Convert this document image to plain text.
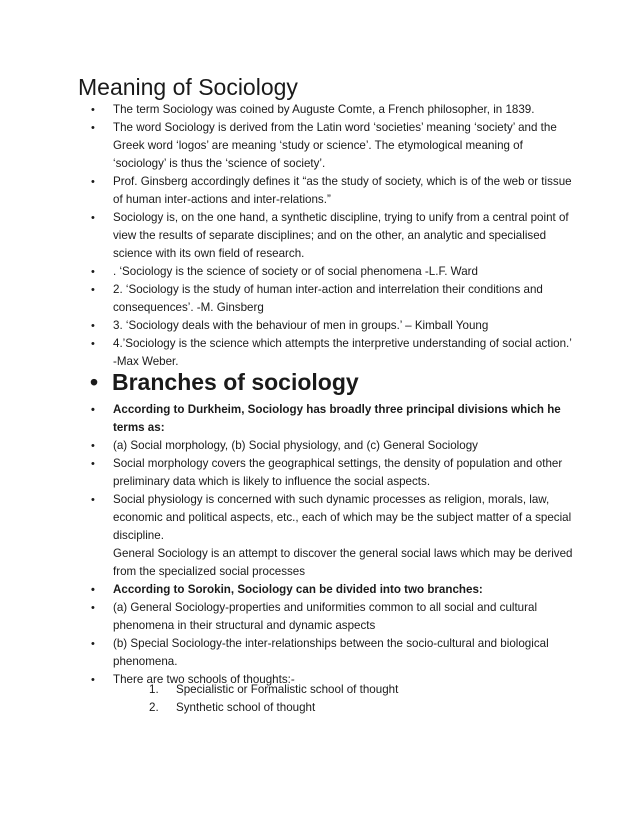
Meaning of Sociology
• The term Sociology was coined by Auguste Comte, a French philosopher, in 1839.
• The word Sociology is derived from the Latin word ‘societies’ meaning ‘society’ and the Greek word ‘logos’ are meaning ‘study or science’. The etymological meaning of ‘sociology’ is thus the ‘science of society’.
• Prof. Ginsberg accordingly defines it “as the study of society, which is of the web or tissue of human inter-actions and inter-relations.”
• Sociology is, on the one hand, a synthetic discipline, trying to unify from a central point of view the results of separate disciplines; and on the other, an analytic and specialised science with its own field of research.
• . ‘Sociology is the science of society or of social phenomena -L.F. Ward
• 2. ‘Sociology is the study of human inter-action and interrelation their conditions and consequences’. -M. Ginsberg
• 3. ‘Sociology deals with the behaviour of men in groups.’ – Kimball Young
• 4.’Sociology is the science which attempts the interpretive understanding of social action.’ -Max Weber.
• Branches of sociology
• According to Durkheim, Sociology has broadly three principal divisions which he terms as:
• (a) Social morphology, (b) Social physiology, and (c) General Sociology
• Social morphology covers the geographical settings, the density of population and other preliminary data which is likely to influence the social aspects.
• Social physiology is concerned with such dynamic processes as religion, morals, law, economic and political aspects, etc., each of which may be the subject matter of a special discipline.
General Sociology is an attempt to discover the general social laws which may be derived from the specialized social processes
• According to Sorokin, Sociology can be divided into two branches:
• (a) General Sociology-properties and uniformities common to all social and cultural phenomena in their structural and dynamic aspects
• (b) Special Sociology-the inter-relationships between the socio-cultural and biological phenomena.
• There are two schools of thoughts:-
1. Specialistic or Formalistic school of thought
2. Synthetic school of thought
